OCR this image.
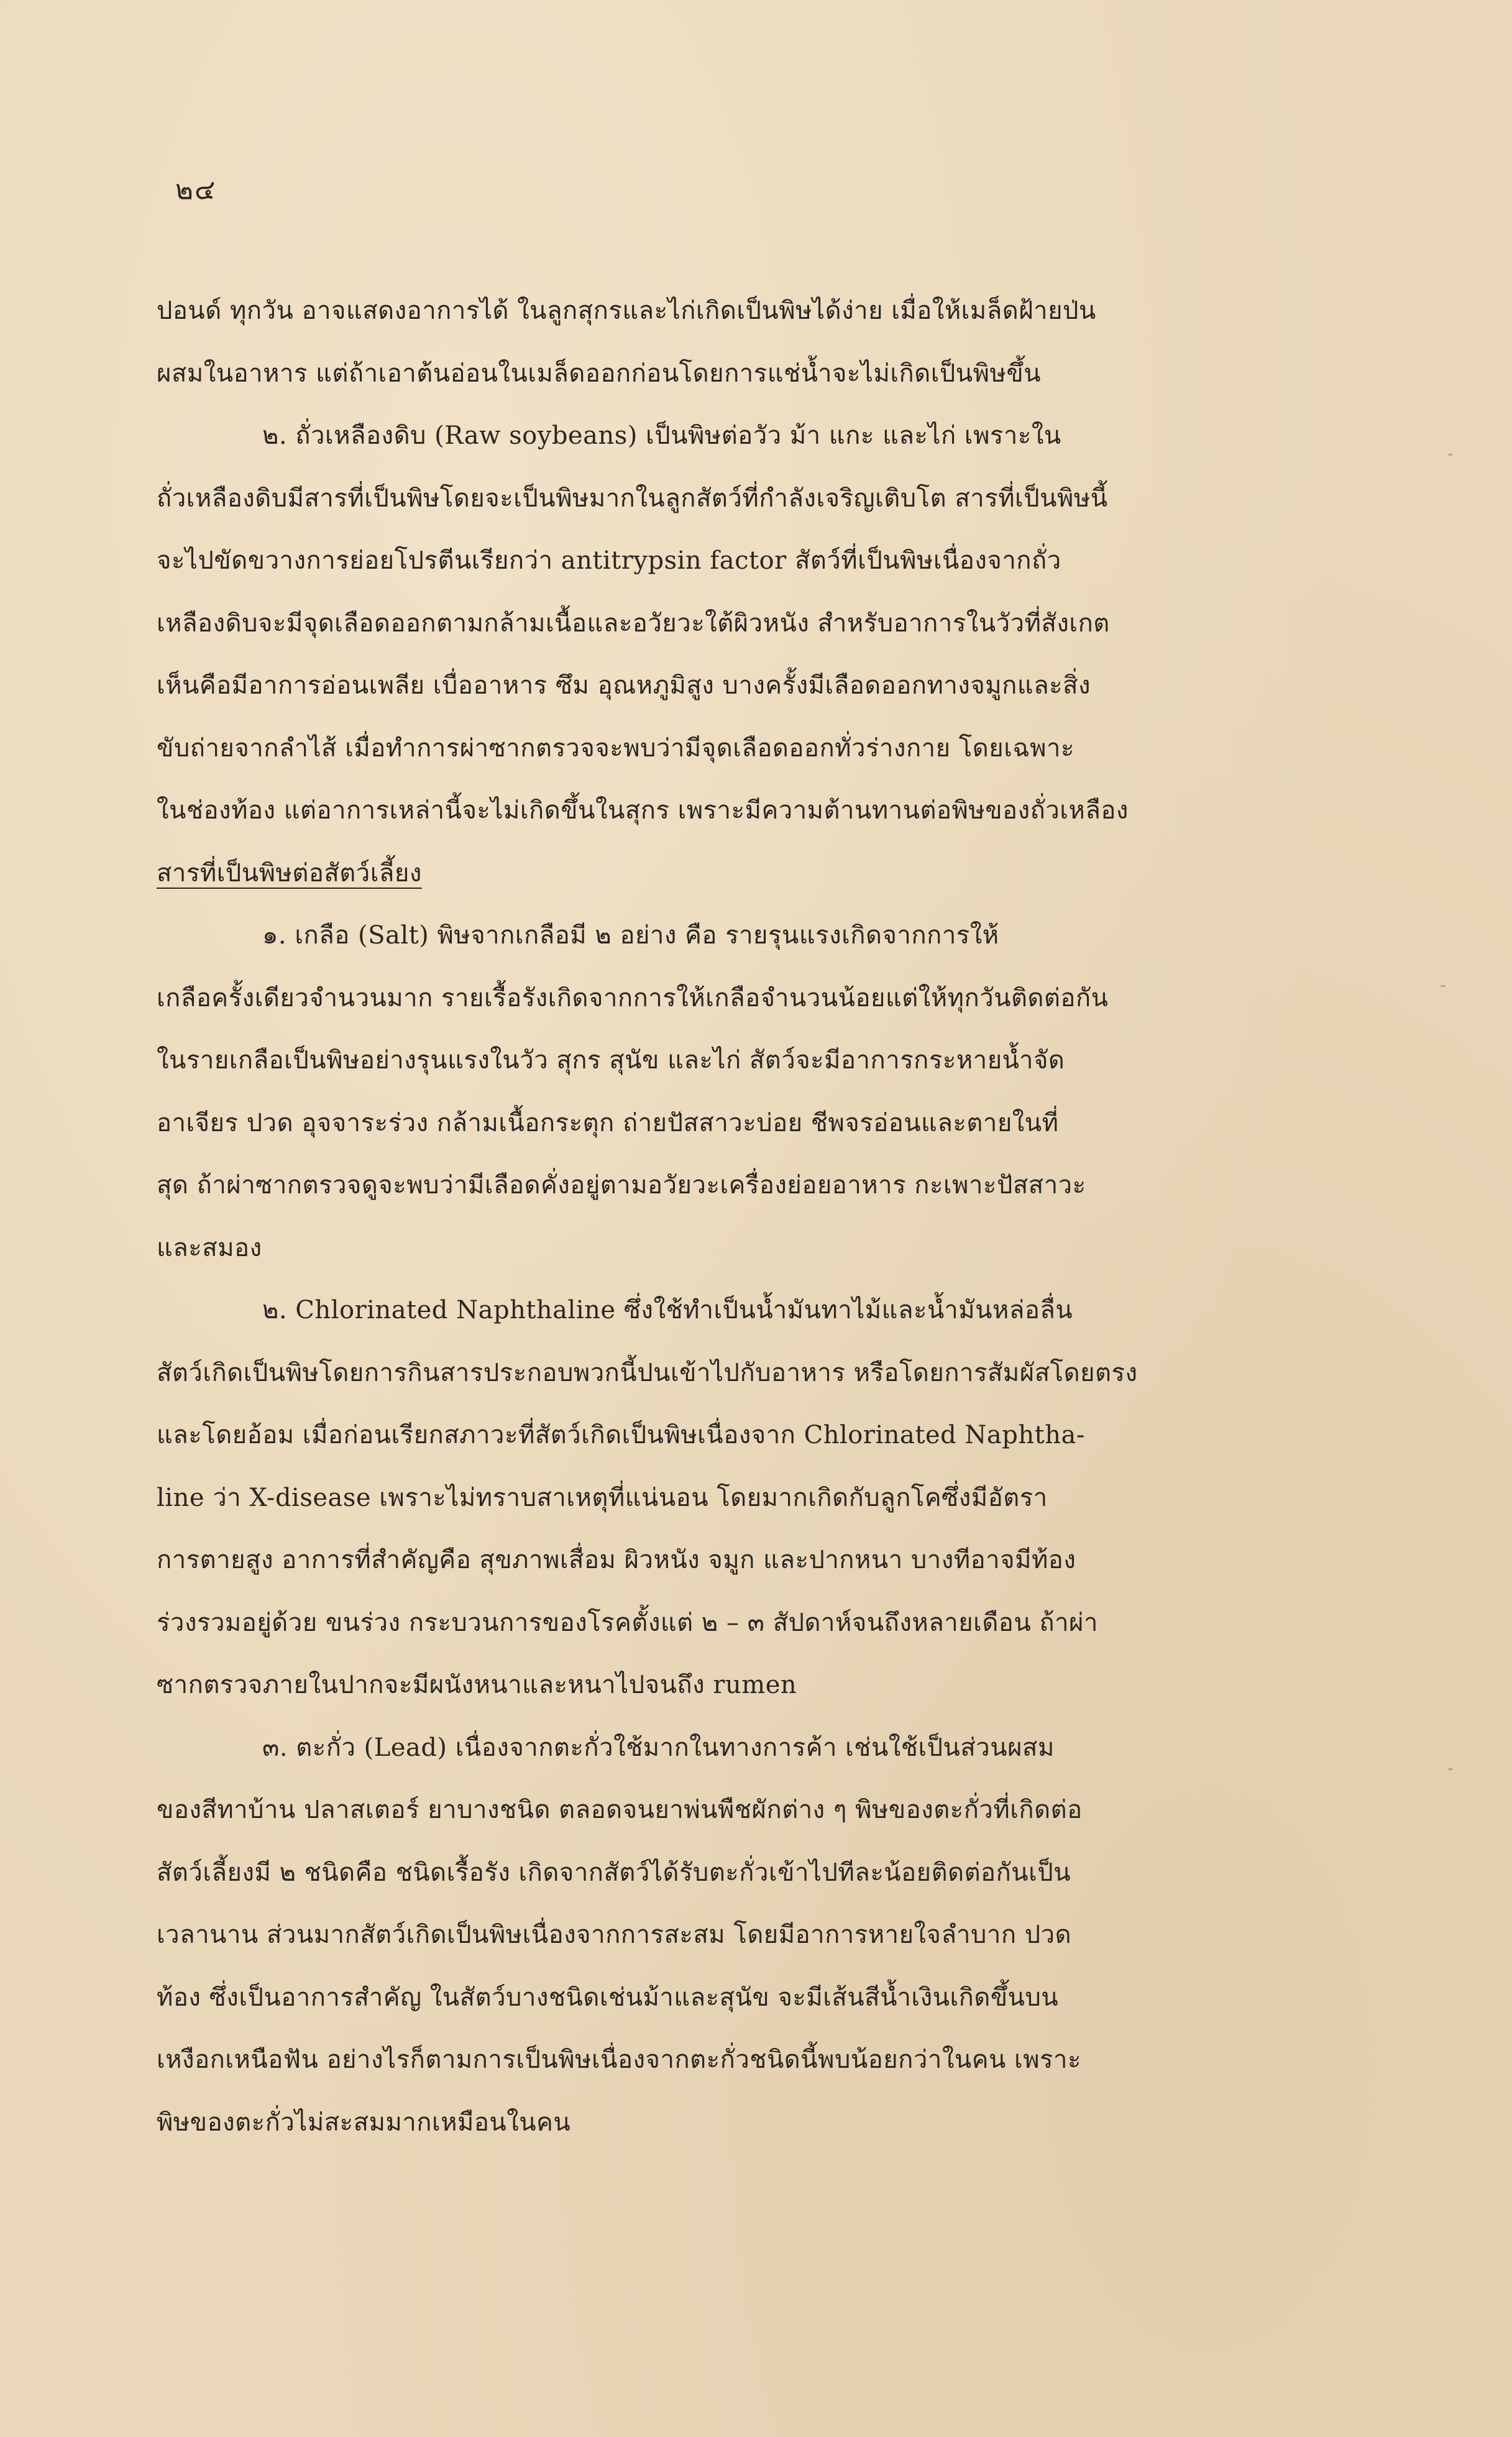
๒๔
ปอนด์ ทุกวัน อาจแสดงอาการได้ ในลูกสุกรและไก่เกิดเป็นพิษได้ง่าย เมื่อให้เมล็ดฝ้ายป่น
ผสมในอาหาร แต่ถ้าเอาต้นอ่อนในเมล็ดออกก่อนโดยการแช่น้ำจะไม่เกิดเป็นพิษขึ้น
๒. ถั่วเหลืองดิบ (Raw soybeans) เป็นพิษต่อวัว ม้า แกะ และไก่ เพราะใน
ถั่วเหลืองดิบมีสารที่เป็นพิษโดยจะเป็นพิษมากในลูกสัตว์ที่กำลังเจริญเติบโต สารที่เป็นพิษนี้
จะไปขัดขวางการย่อยโปรตีนเรียกว่า antitrypsin factor สัตว์ที่เป็นพิษเนื่องจากถั่ว
เหลืองดิบจะมีจุดเลือดออกตามกล้ามเนื้อและอวัยวะใต้ผิวหนัง สำหรับอาการในวัวที่สังเกต
เห็นคือมีอาการอ่อนเพลีย เบื่ออาหาร ซึม อุณหภูมิสูง บางครั้งมีเลือดออกทางจมูกและสิ่ง
ขับถ่ายจากลำไส้ เมื่อทำการผ่าซากตรวจจะพบว่ามีจุดเลือดออกทั่วร่างกาย โดยเฉพาะ
ในช่องท้อง แต่อาการเหล่านี้จะไม่เกิดขึ้นในสุกร เพราะมีความต้านทานต่อพิษของถั่วเหลือง
สารที่เป็นพิษต่อสัตว์เลี้ยง
๑. เกลือ (Salt) พิษจากเกลือมี ๒ อย่าง คือ รายรุนแรงเกิดจากการให้
เกลือครั้งเดียวจำนวนมาก รายเรื้อรังเกิดจากการให้เกลือจำนวนน้อยแต่ให้ทุกวันติดต่อกัน
ในรายเกลือเป็นพิษอย่างรุนแรงในวัว สุกร สุนัข และไก่ สัตว์จะมีอาการกระหายน้ำจัด
อาเจียร ปวด อุจจาระร่วง กล้ามเนื้อกระตุก ถ่ายปัสสาวะบ่อย ชีพจรอ่อนและตายในที่
สุด ถ้าผ่าซากตรวจดูจะพบว่ามีเลือดคั่งอยู่ตามอวัยวะเครื่องย่อยอาหาร กะเพาะปัสสาวะ
และสมอง
๒. Chlorinated Naphthaline ซึ่งใช้ทำเป็นน้ำมันทาไม้และน้ำมันหล่อลื่น
สัตว์เกิดเป็นพิษโดยการกินสารประกอบพวกนี้ปนเข้าไปกับอาหาร หรือโดยการสัมผัสโดยตรง
และโดยอ้อม เมื่อก่อนเรียกสภาวะที่สัตว์เกิดเป็นพิษเนื่องจาก Chlorinated Naphtha-
line ว่า X-disease เพราะไม่ทราบสาเหตุที่แน่นอน โดยมากเกิดกับลูกโคซึ่งมีอัตรา
การตายสูง อาการที่สำคัญคือ สุขภาพเสื่อม ผิวหนัง จมูก และปากหนา บางทีอาจมีท้อง
ร่วงรวมอยู่ด้วย ขนร่วง กระบวนการของโรคตั้งแต่ ๒ – ๓ สัปดาห์จนถึงหลายเดือน ถ้าผ่า
ซากตรวจภายในปากจะมีผนังหนาและหนาไปจนถึง rumen
๓. ตะกั่ว (Lead) เนื่องจากตะกั่วใช้มากในทางการค้า เช่นใช้เป็นส่วนผสม
ของสีทาบ้าน ปลาสเตอร์ ยาบางชนิด ตลอดจนยาพ่นพืชผักต่าง ๆ พิษของตะกั่วที่เกิดต่อ
สัตว์เลี้ยงมี ๒ ชนิดคือ ชนิดเรื้อรัง เกิดจากสัตว์ได้รับตะกั่วเข้าไปทีละน้อยติดต่อกันเป็น
เวลานาน ส่วนมากสัตว์เกิดเป็นพิษเนื่องจากการสะสม โดยมีอาการหายใจลำบาก ปวด
ท้อง ซึ่งเป็นอาการสำคัญ ในสัตว์บางชนิดเช่นม้าและสุนัข จะมีเส้นสีน้ำเงินเกิดขึ้นบน
เหงือกเหนือฟัน อย่างไรก็ตามการเป็นพิษเนื่องจากตะกั่วชนิดนี้พบน้อยกว่าในคน เพราะ
พิษของตะกั่วไม่สะสมมากเหมือนในคน
